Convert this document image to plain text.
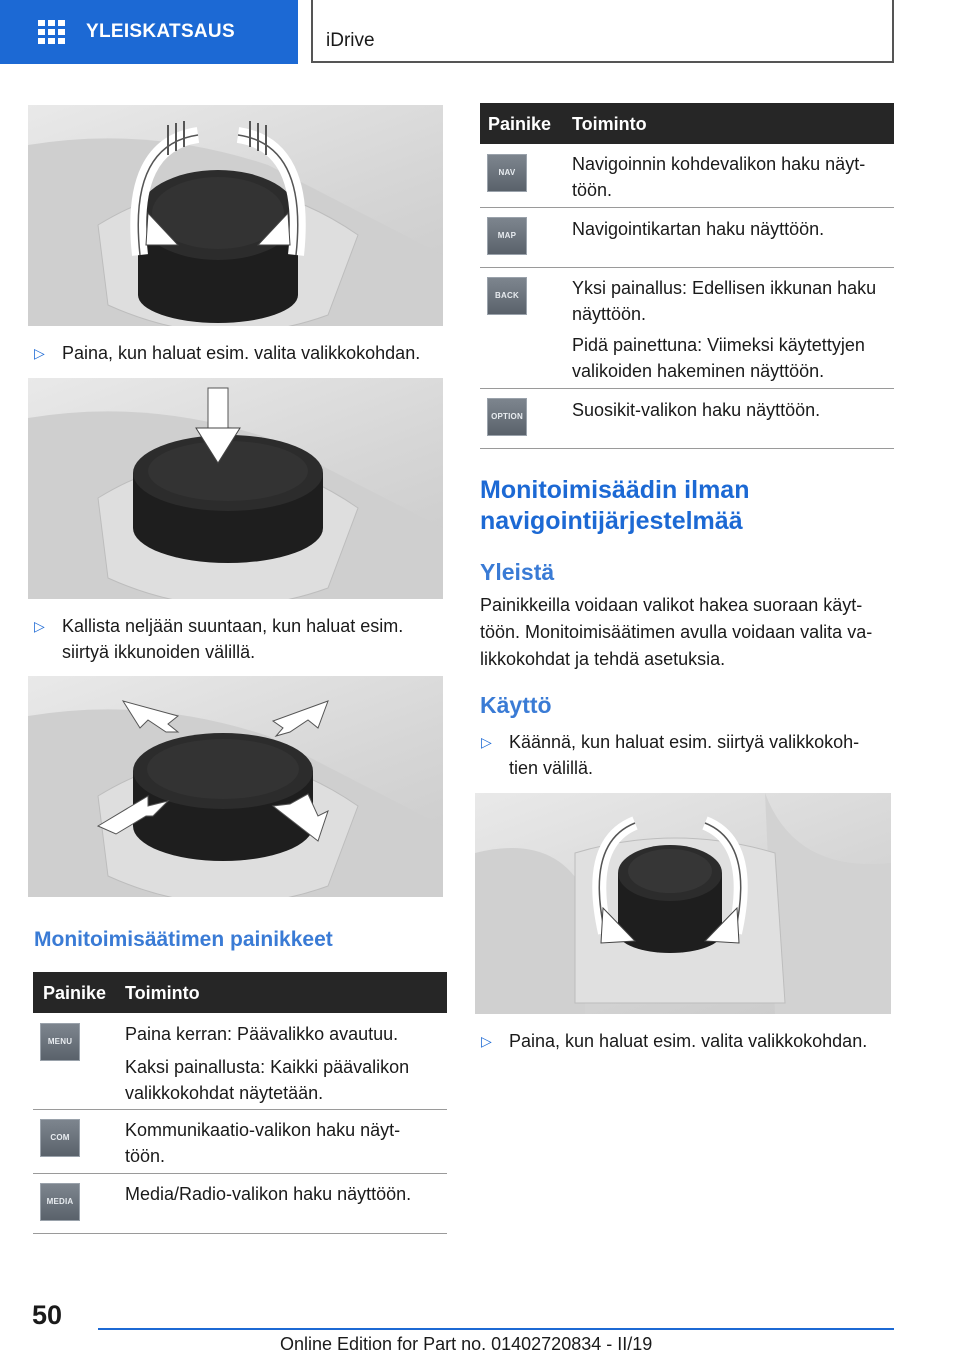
YLEISKATSAUS	iDrive
▷ Paina, kun haluat esim. valita valikkokohdan.
▷ Kallista neljään suuntaan, kun haluat esim.
siirtyä ikkunoiden välillä.
Monitoimisäätimen painikkeet
Painike Toiminto
MENU	Paina kerran: Päävalikko avautuu.
Kaksi painallusta: Kaikki päävalikon
valikkokohdat näytetään.
COM	Kommunikaatio-valikon haku näyt-
töön.
MEDIA	Media/Radio-valikon haku näyttöön.
Painike Toiminto
NAV	Navigoinnin kohdevalikon haku näyt-
töön.
MAP	Navigointikartan haku näyttöön.
BACK	Yksi painallus: Edellisen ikkunan haku
näyttöön.
Pidä painettuna: Viimeksi käytettyjen
valikoiden hakeminen näyttöön.
OPTION	Suosikit-valikon haku näyttöön.
Monitoimisäädin ilman
navigointijärjestelmää
Yleistä
Painikkeilla voidaan valikot hakea suoraan käyt-
töön. Monitoimisäätimen avulla voidaan valita va-
likkokohdat ja tehdä asetuksia.
Käyttö
▷ Käännä, kun haluat esim. siirtyä valikkokoh-
tien välillä.
▷ Paina, kun haluat esim. valita valikkokohdan.
50
Online Edition for Part no. 01402720834 - II/19
